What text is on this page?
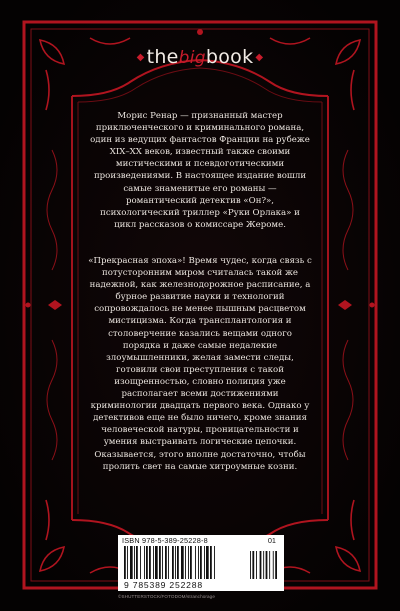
◆ thebigbook ◆

Морис Ренар — признанный мастер приключенческого и криминального романа, один из ведущих фантастов Франции на рубеже XIX–XX веков, известный также своими мистическими и псевдоготическими произведениями. В настоящее издание вошли самые знаменитые его романы — романтический детектив «Он?», психологический триллер «Руки Орлака» и цикл рассказов о комиссаре Жероме.

«Прекрасная эпоха»! Время чудес, когда связь с потусторонним миром считалась такой же надежной, как железнодорожное расписание, а бурное развитие науки и технологий сопровождалось не менее пышным расцветом мистицизма. Когда трансплантология и столоверчение казались вещами одного порядка и даже самые недалекие злоумышленники, желая замести следы, готовили свои преступления с такой изощренностью, словно полиция уже располагает всеми достижениями криминологии двадцать первого века. Однако у детективов еще не было ничего, кроме знания человеческой натуры, проницательности и умения выстраивать логические цепочки. Оказывается, этого вполне достаточно, чтобы пролить свет на самые хитроумные козни.

ISBN 978-5-389-25228-8	01
9 785389 252288
©SHUTTERSTOCK/FOTODOM/stranchorage
